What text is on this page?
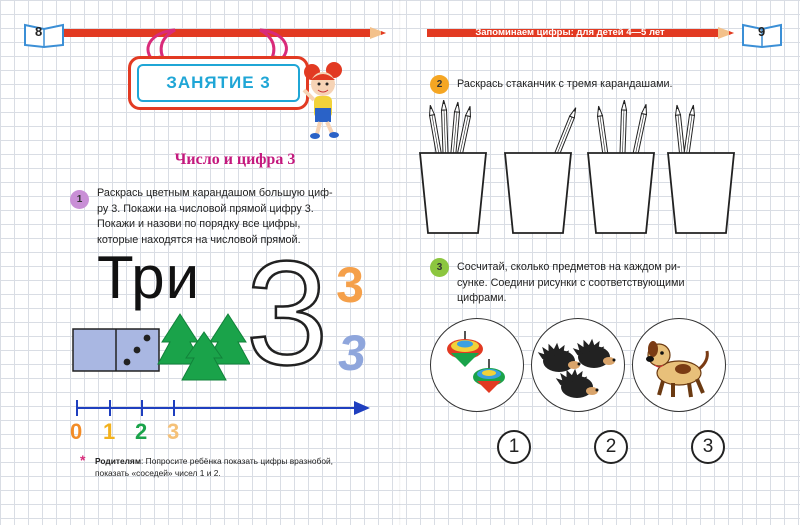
Запоминаем цифры: для детей 4—5 лет
8	9
ЗАНЯТИЕ 3
Число и цифра 3
1
Раскрась цветным карандашом большую циф-
ру 3. Покажи на числовой прямой цифру 3.
Покажи и назови по порядку все цифры,
которые находятся на числовой прямой.
Три 3 3
3
0 1 2 3
* Родителям: Попросите ребёнка показать цифры вразнобой,
показать «соседей» чисел 1 и 2.
2	Раскрась стаканчик с тремя карандашами.
3	Сосчитай, сколько предметов на каждом ри-
сунке. Соедини рисунки с соответствующими
цифрами.
1	2	3
